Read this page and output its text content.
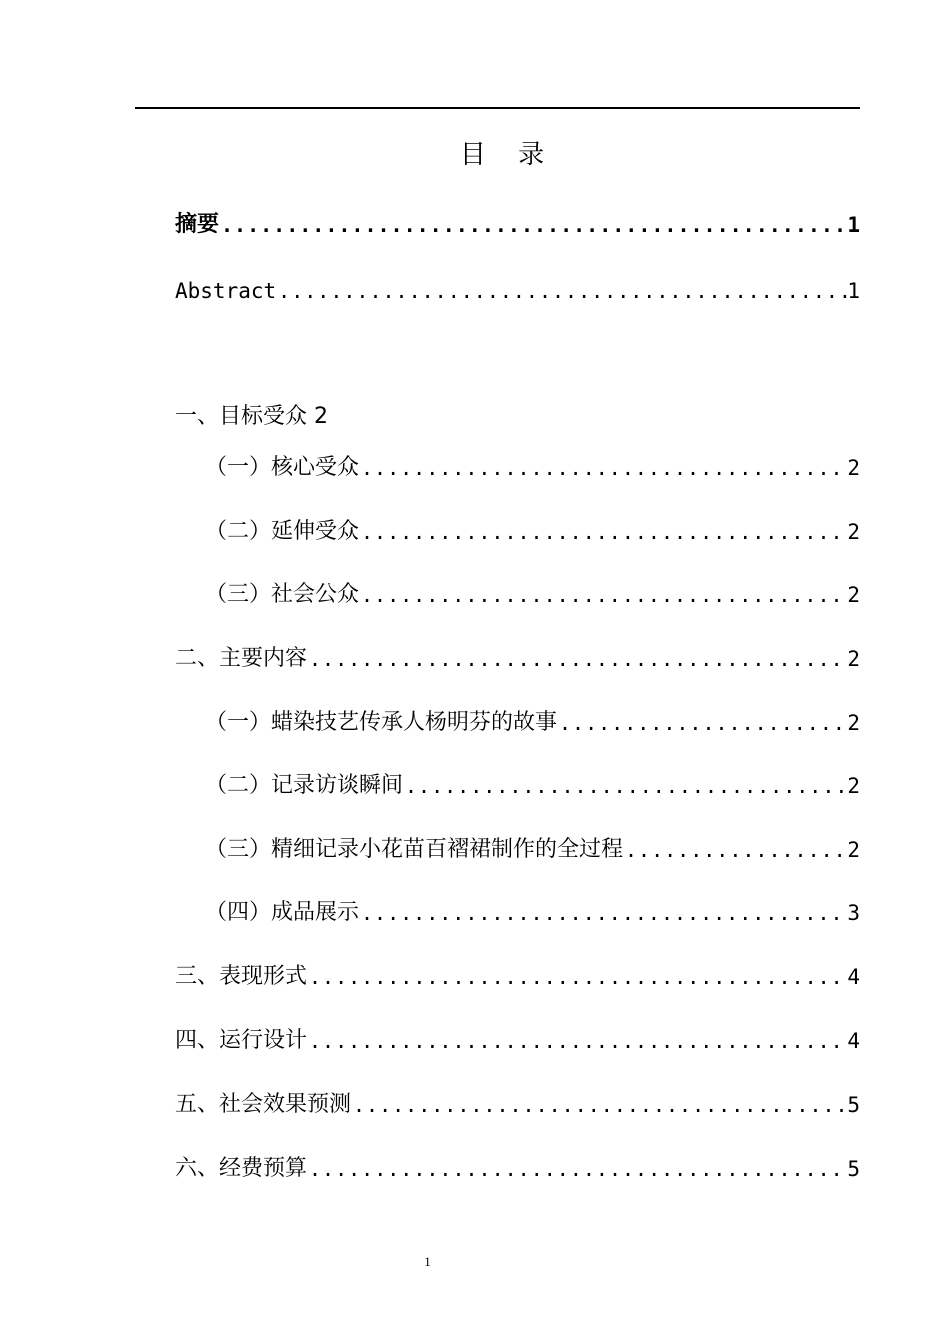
目 录
摘要 .....	1
Abstract .....	1
一、目标受众 2
（一）核心受众 .....	2
（二）延伸受众 .....	2
（三）社会公众 .....	2
二、主要内容 .....	2
（一）蜡染技艺传承人杨明芬的故事 .....	2
（二）记录访谈瞬间 .....	2
（三）精细记录小花苗百褶裙制作的全过程 .....	2
（四）成品展示 .....	3
三、表现形式 .....	4
四、运行设计 .....	4
五、社会效果预测 .....	5
六、经费预算 .....	5
1
